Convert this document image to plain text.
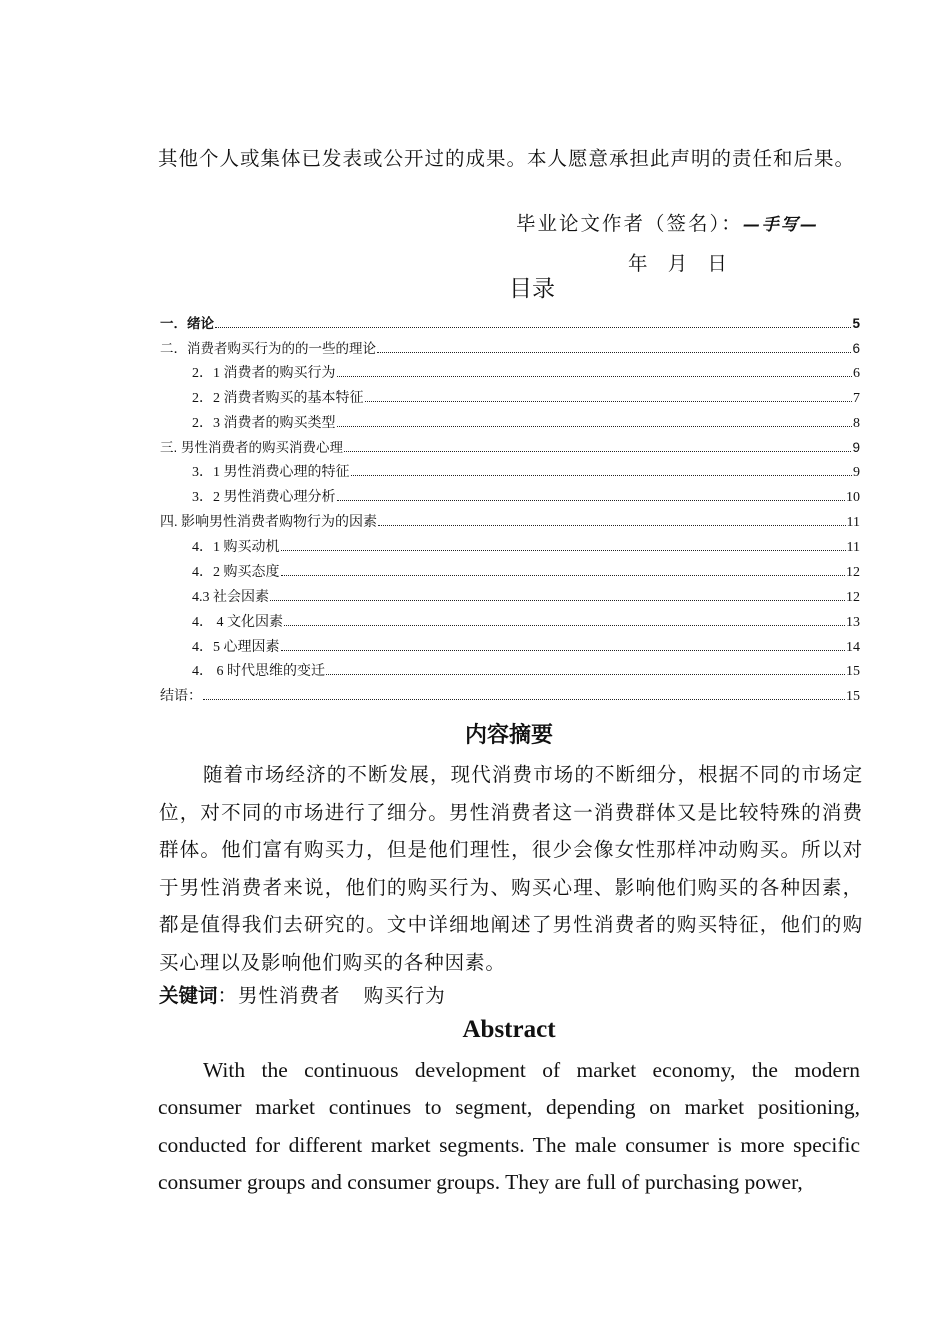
其他个人或集体已发表或公开过的成果。本人愿意承担此声明的责任和后果。
毕业论文作者（签名）：—手写—
年 月 日
目录
一．绪论	5
二．消费者购买行为的的一些的理论	6
2．1 消费者的购买行为	6
2．2 消费者购买的基本特征	7
2．3 消费者的购买类型	8
三. 男性消费者的购买消费心理	9
3．1 男性消费心理的特征	9
3．2 男性消费心理分析	10
四. 影响男性消费者购物行为的因素	11
4．1 购买动机	11
4．2 购买态度	12
4.3 社会因素	12
4． 4 文化因素	13
4．5 心理因素	14
4． 6 时代思维的变迁	15
结语：	15
内容摘要

随着市场经济的不断发展，现代消费市场的不断细分，根据不同的市场定位，对不同的市场进行了细分。男性消费者这一消费群体又是比较特殊的消费群体。他们富有购买力，但是他们理性，很少会像女性那样冲动购买。所以对于男性消费者来说，他们的购买行为、购买心理、影响他们购买的各种因素，都是值得我们去研究的。文中详细地阐述了男性消费者的购买特征，他们的购买心理以及影响他们购买的各种因素。

关键词：男性消费者 购买行为
Abstract

With the continuous development of market economy, the modern consumer market continues to segment, depending on market positioning, conducted for different market segments. The male consumer is more specific consumer groups and consumer groups. They are full of purchasing power,
